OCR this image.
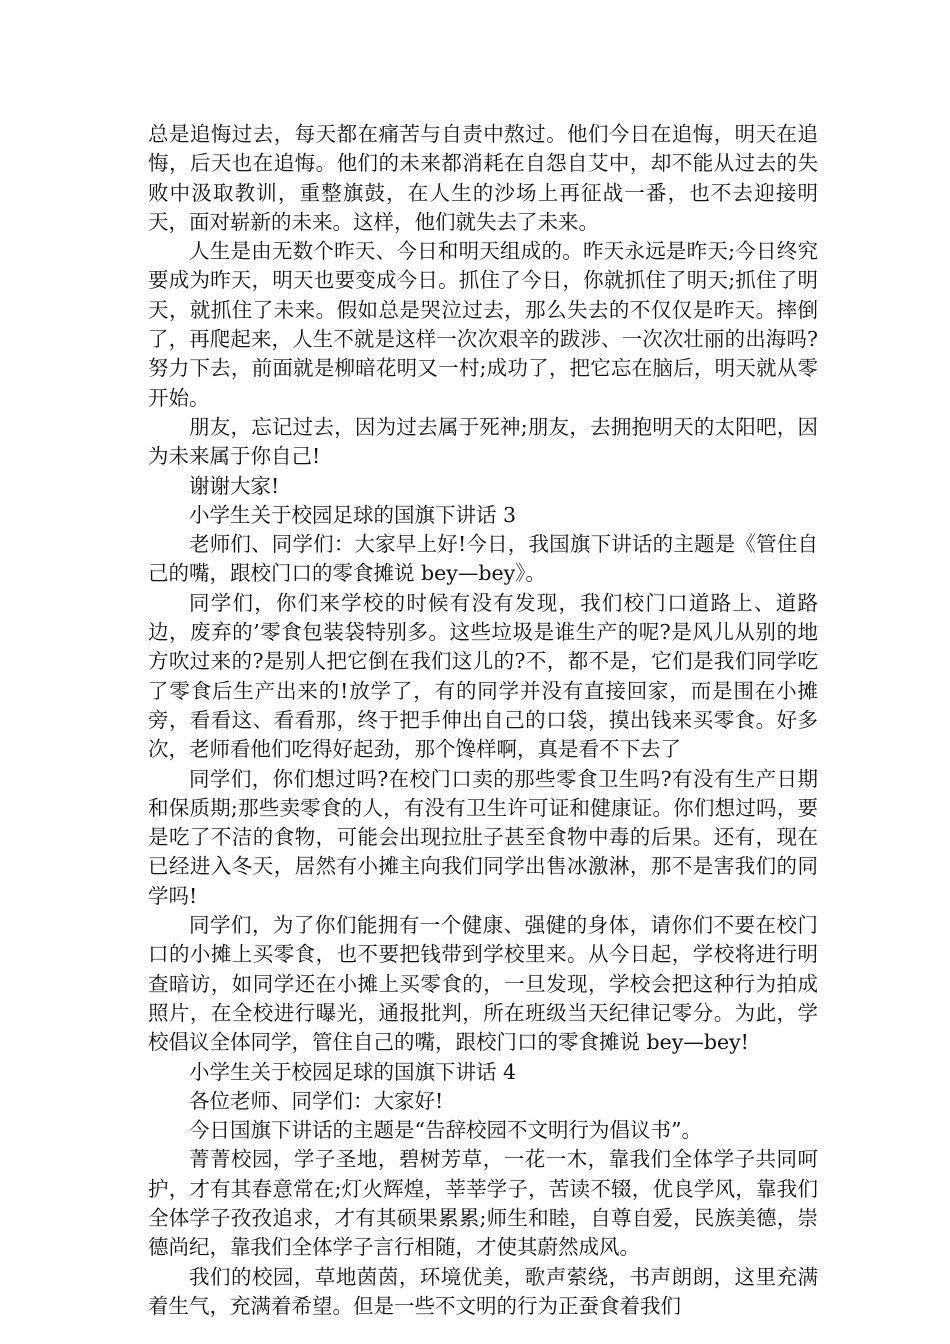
总是追悔过去，每天都在痛苦与自责中熬过。他们今日在追悔，明天在追悔，后天也在追悔。他们的未来都消耗在自怨自艾中，却不能从过去的失败中汲取教训，重整旗鼓，在人生的沙场上再征战一番，也不去迎接明天，面对崭新的未来。这样，他们就失去了未来。

人生是由无数个昨天、今日和明天组成的。昨天永远是昨天;今日终究要成为昨天，明天也要变成今日。抓住了今日，你就抓住了明天;抓住了明天，就抓住了未来。假如总是哭泣过去，那么失去的不仅仅是昨天。摔倒了，再爬起来，人生不就是这样一次次艰辛的跋涉、一次次壮丽的出海吗?努力下去，前面就是柳暗花明又一村;成功了，把它忘在脑后，明天就从零开始。

朋友，忘记过去，因为过去属于死神;朋友，去拥抱明天的太阳吧，因为未来属于你自己!

谢谢大家!

小学生关于校园足球的国旗下讲话 3

老师们、同学们：大家早上好!今日，我国旗下讲话的主题是《管住自己的嘴，跟校门口的零食摊说 bey—bey》。

同学们，你们来学校的时候有没有发现，我们校门口道路上、道路边，废弃的’零食包装袋特别多。这些垃圾是谁生产的呢?是风儿从别的地方吹过来的?是别人把它倒在我们这儿的?不，都不是，它们是我们同学吃了零食后生产出来的!放学了，有的同学并没有直接回家，而是围在小摊旁，看看这、看看那，终于把手伸出自己的口袋，摸出钱来买零食。好多次，老师看他们吃得好起劲，那个馋样啊，真是看不下去了

同学们，你们想过吗?在校门口卖的那些零食卫生吗?有没有生产日期和保质期;那些卖零食的人，有没有卫生许可证和健康证。你们想过吗，要是吃了不洁的食物，可能会出现拉肚子甚至食物中毒的后果。还有，现在已经进入冬天，居然有小摊主向我们同学出售冰激淋，那不是害我们的同学吗!

同学们，为了你们能拥有一个健康、强健的身体，请你们不要在校门口的小摊上买零食，也不要把钱带到学校里来。从今日起，学校将进行明查暗访，如同学还在小摊上买零食的，一旦发现，学校会把这种行为拍成照片，在全校进行曝光，通报批判，所在班级当天纪律记零分。为此，学校倡议全体同学，管住自己的嘴，跟校门口的零食摊说 bey—bey!

小学生关于校园足球的国旗下讲话 4

各位老师、同学们：大家好!

今日国旗下讲话的主题是“告辞校园不文明行为倡议书”。

菁菁校园，学子圣地，碧树芳草，一花一木，靠我们全体学子共同呵护，才有其春意常在;灯火辉煌，莘莘学子，苦读不辍，优良学风，靠我们全体学子孜孜追求，才有其硕果累累;师生和睦，自尊自爱，民族美德，崇德尚纪，靠我们全体学子言行相随，才使其蔚然成风。

我们的校园，草地茵茵，环境优美，歌声萦绕，书声朗朗，这里充满着生气，充满着希望。但是一些不文明的行为正蚕食着我们
